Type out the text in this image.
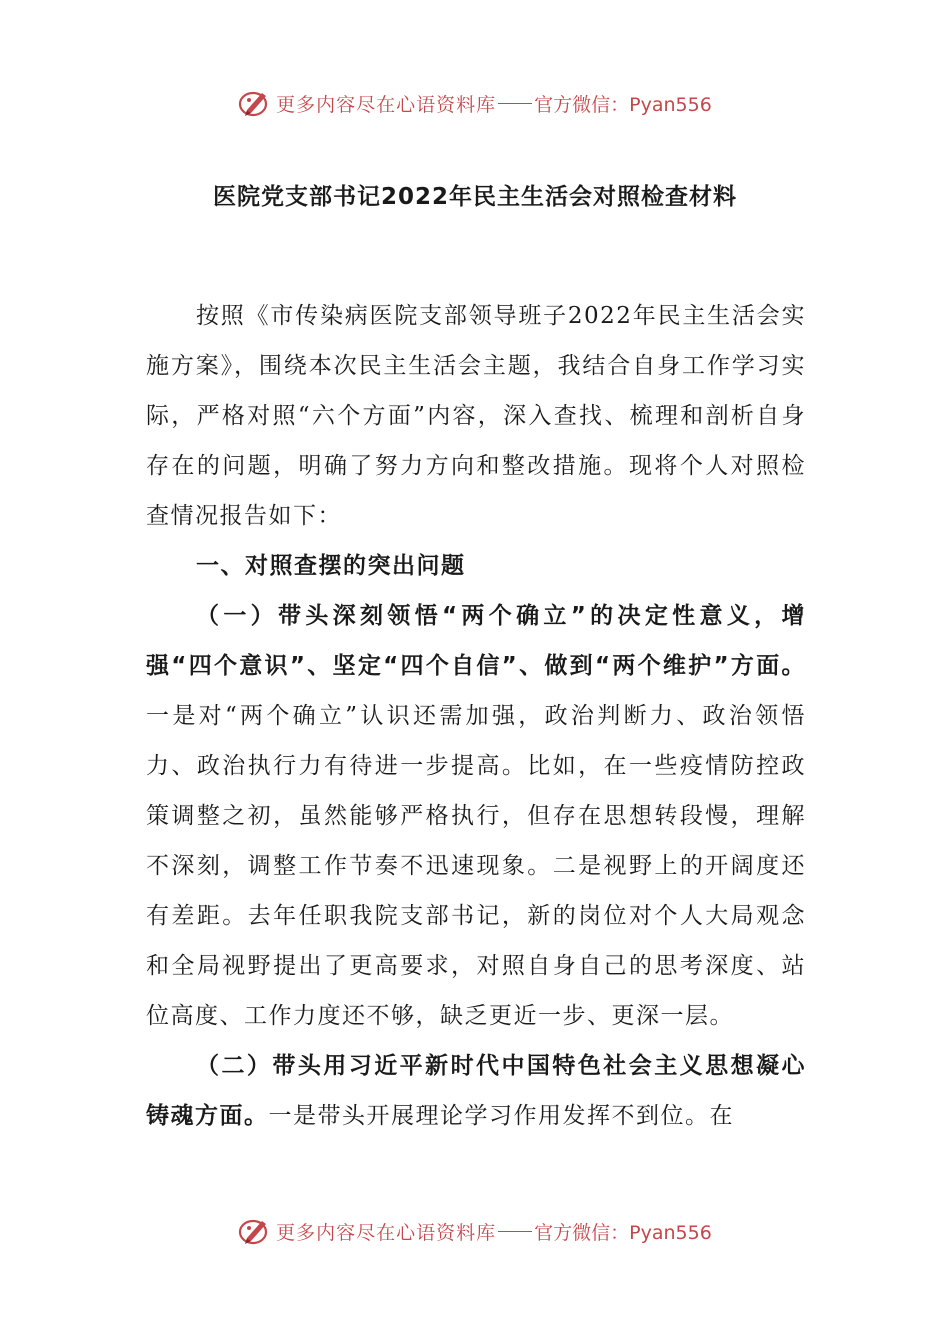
更多内容尽在心语资料库 官方微信：Pyan556
医院党支部书记2022年民主生活会对照检查材料

按照《市传染病医院支部领导班子2022年民主生活会实施方案》，围绕本次民主生活会主题，我结合自身工作学习实际，严格对照“六个方面”内容，深入查找、梳理和剖析自身存在的问题，明确了努力方向和整改措施。现将个人对照检查情况报告如下：

一、对照查摆的突出问题

（一）带头深刻领悟“两个确立”的决定性意义，增强“四个意识”、坚定“四个自信”、做到“两个维护”方面。一是对“两个确立”认识还需加强，政治判断力、政治领悟力、政治执行力有待进一步提高。比如，在一些疫情防控政策调整之初，虽然能够严格执行，但存在思想转段慢，理解不深刻，调整工作节奏不迅速现象。二是视野上的开阔度还有差距。去年任职我院支部书记，新的岗位对个人大局观念和全局视野提出了更高要求，对照自身自己的思考深度、站位高度、工作力度还不够，缺乏更近一步、更深一层。

（二）带头用习近平新时代中国特色社会主义思想凝心铸魂方面。一是带头开展理论学习作用发挥不到位。在

更多内容尽在心语资料库 官方微信：Pyan556
